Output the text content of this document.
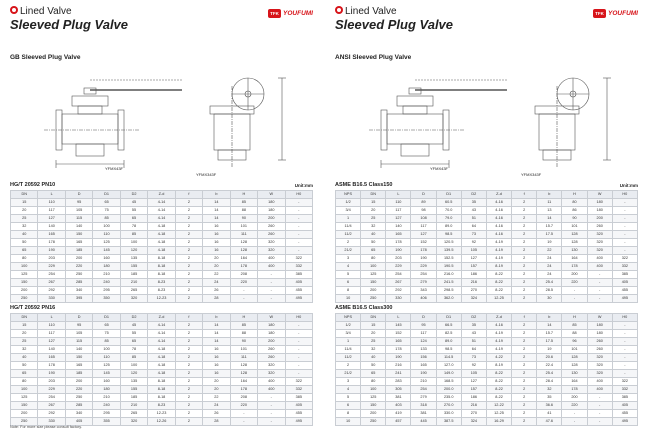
Lined Valve
Sleeved Plug Valve
TFK YOUFUMI
GB Sleeved Plug Valve
YFMX43F
YFMX343F
HG/T 20592 PN10	Unit:mm
DN	L	D	D1	D2	Z-d	f	b	H	W	H0
15	110	95	65	45	4-14	2	14	85	180	-
20	117	105	75	55	4-14	2	14	88	180	-
25	127	115	85	65	4-14	2	14	90	200	-
32	140	140	100	78	4-18	2	16	101	260	-
40	165	150	110	85	4-18	2	16	111	260	-
50	178	165	125	100	4-18	2	16	128	320	-
65	190	185	145	120	4-18	2	16	128	320	-
80	203	200	160	135	8-18	2	20	164	400	322
100	229	220	180	155	8-18	2	20	178	400	332
125	254	250	210	185	8-18	2	22	208	-	385
150	267	285	240	210	8-23	2	24	220	-	405
200	292	340	295	265	8-23	2	26	-	-	455
250	330	395	350	320	12-23	2	28	-	-	495
HG/T 20592 PN16
DN	L	D	D1	D2	Z-d	f	b	H	W	H0
15	110	95	65	45	4-14	2	14	85	180	-
20	117	105	75	55	4-14	2	14	88	180	-
25	127	115	85	65	4-14	2	14	90	200	-
32	140	140	100	78	4-18	2	16	101	260	-
40	165	150	110	85	4-18	2	16	111	260	-
50	178	165	125	100	4-18	2	16	128	320	-
65	190	185	145	120	4-18	2	16	128	320	-
80	203	200	160	135	8-18	2	20	164	400	322
100	229	220	180	155	8-18	2	20	178	400	332
125	254	250	210	185	8-18	2	22	208	-	385
150	267	285	240	210	8-23	2	24	220	-	405
200	292	340	295	265	12-23	2	26	-	-	455
250	330	405	355	320	12-26	2	28	-	-	495
Note: For more size please consult factory.
Lined Valve
Sleeved Plug Valve
TFK YOUFUMI
ANSI Sleeved Plug Valve
YFMX43F
YFMX343F
ASME B16.5 Class150	Unit:mm
NPS	DN	L	D	D1	D2	Z-d	f	b	H	W	H0
1/2	15	110	89	60.5	35	4-16	2	11	80	180	-
3/4	20	117	98	70.0	43	4-16	2	13	86	180	-
1	25	127	108	79.0	51	4-16	2	14	90	200	-
11/4	32	140	117	89.0	64	4-16	2	15.7	101	260	-
11/2	40	165	127	98.5	73	4-16	2	17.5	128	320	-
2	50	178	152	120.5	92	4-19	2	19	128	320	-
21/2	65	190	178	139.5	105	4-19	2	22	130	320	-
3	80	203	190	152.5	127	4-19	2	24	164	400	322
4	100	229	229	190.5	157	8-19	2	24	178	400	332
5	125	254	254	216.0	186	8-22	2	24	200	-	385
6	150	267	279	241.5	216	8-22	2	25.4	220	-	405
8	200	292	343	298.5	270	8-22	2	28.5	-	-	455
10	250	330	406	362.0	324	12-25	2	30	-	-	495
ASME B16.5 Class300
NPS	DN	L	D	D1	D2	Z-d	f	b	H	W	H0
1/2	15	145	95	66.5	35	4-16	2	14	85	180	-
3/4	20	152	117	82.5	43	4-19	2	15.7	88	180	-
1	25	165	124	89.0	51	4-19	2	17.5	96	260	-
11/4	32	178	133	98.5	64	4-19	2	19	101	260	-
11/2	40	190	156	114.5	73	4-22	2	20.6	128	320	-
2	50	216	165	127.0	92	8-19	2	22.4	128	320	-
21/2	65	241	190	149.0	105	8-22	2	25.4	130	320	-
3	80	283	210	168.5	127	8-22	2	28.4	164	400	322
4	100	305	254	200.0	157	8-22	2	32	178	400	332
5	125	381	279	235.0	186	8-22	2	35	200	-	385
6	150	403	318	270.0	216	12-22	2	36.6	220	-	405
8	200	419	381	330.0	270	12-25	2	41	-	-	455
10	250	457	445	387.5	324	16-29	2	47.6	-	-	495
